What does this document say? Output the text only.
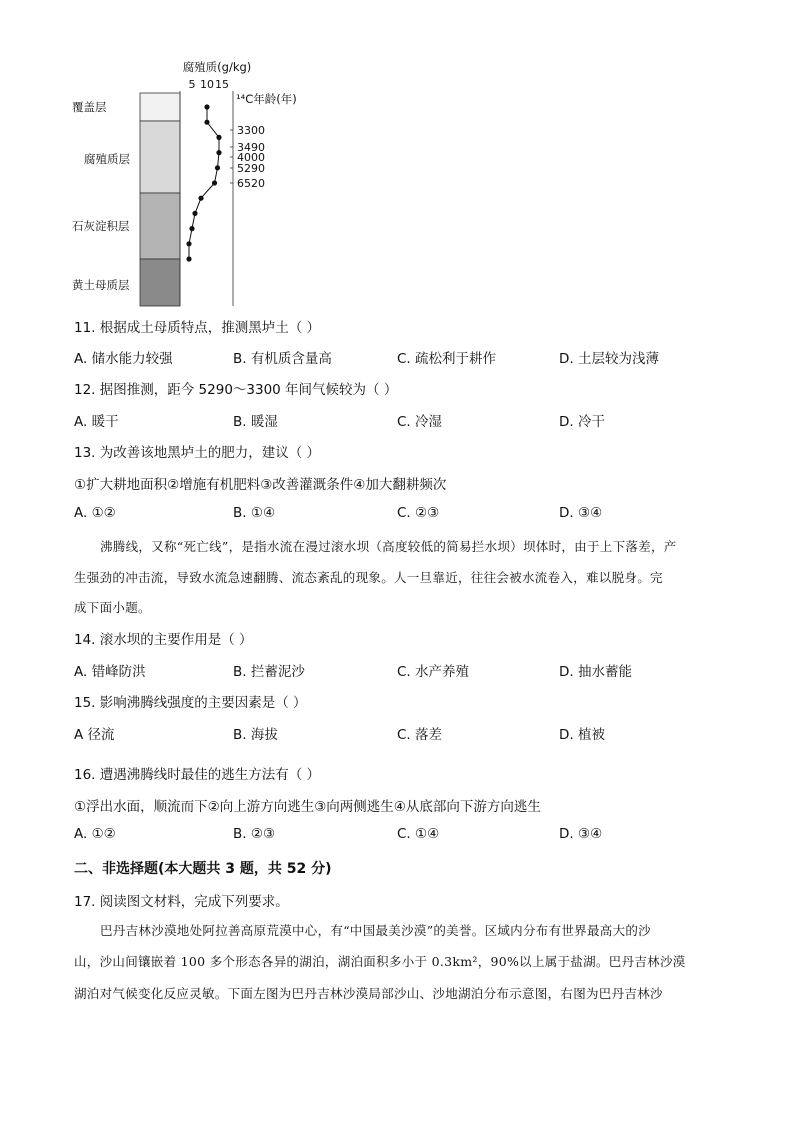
腐殖质(g/kg)
5 10 15
¹⁴C年龄(年)
覆盖层
腐殖质层
石灰淀积层
黄土母质层
3300
3490
4000
5290
6520
11. 根据成土母质特点，推测黑垆土（ ）
A. 储水能力较强	B. 有机质含量高	C. 疏松利于耕作	D. 土层较为浅薄
12. 据图推测，距今 5290～3300 年间气候较为（ ）
A. 暖干	B. 暖湿	C. 冷湿	D. 冷干
13. 为改善该地黑垆土的肥力，建议（ ）
①扩大耕地面积②增施有机肥料③改善灌溉条件④加大翻耕频次
A. ①②	B. ①④	C. ②③	D. ③④
沸腾线，又称“死亡线”，是指水流在漫过滚水坝（高度较低的简易拦水坝）坝体时，由于上下落差，产
生强劲的冲击流，导致水流急速翻腾、流态紊乱的现象。人一旦靠近，往往会被水流卷入，难以脱身。完
成下面小题。
14. 滚水坝的主要作用是（ ）
A. 错峰防洪	B. 拦蓄泥沙	C. 水产养殖	D. 抽水蓄能
15. 影响沸腾线强度的主要因素是（ ）
A 径流	B. 海拔	C. 落差	D. 植被
16. 遭遇沸腾线时最佳的逃生方法有（ ）
①浮出水面，顺流而下②向上游方向逃生③向两侧逃生④从底部向下游方向逃生
A. ①②	B. ②③	C. ①④	D. ③④
二、非选择题(本大题共 3 题，共 52 分)
17. 阅读图文材料，完成下列要求。
巴丹吉林沙漠地处阿拉善高原荒漠中心，有“中国最美沙漠”的美誉。区域内分布有世界最高大的沙
山，沙山间镶嵌着 100 多个形态各异的湖泊，湖泊面积多小于 0.3km²，90%以上属于盐湖。巴丹吉林沙漠
湖泊对气候变化反应灵敏。下面左图为巴丹吉林沙漠局部沙山、沙地湖泊分布示意图，右图为巴丹吉林沙
